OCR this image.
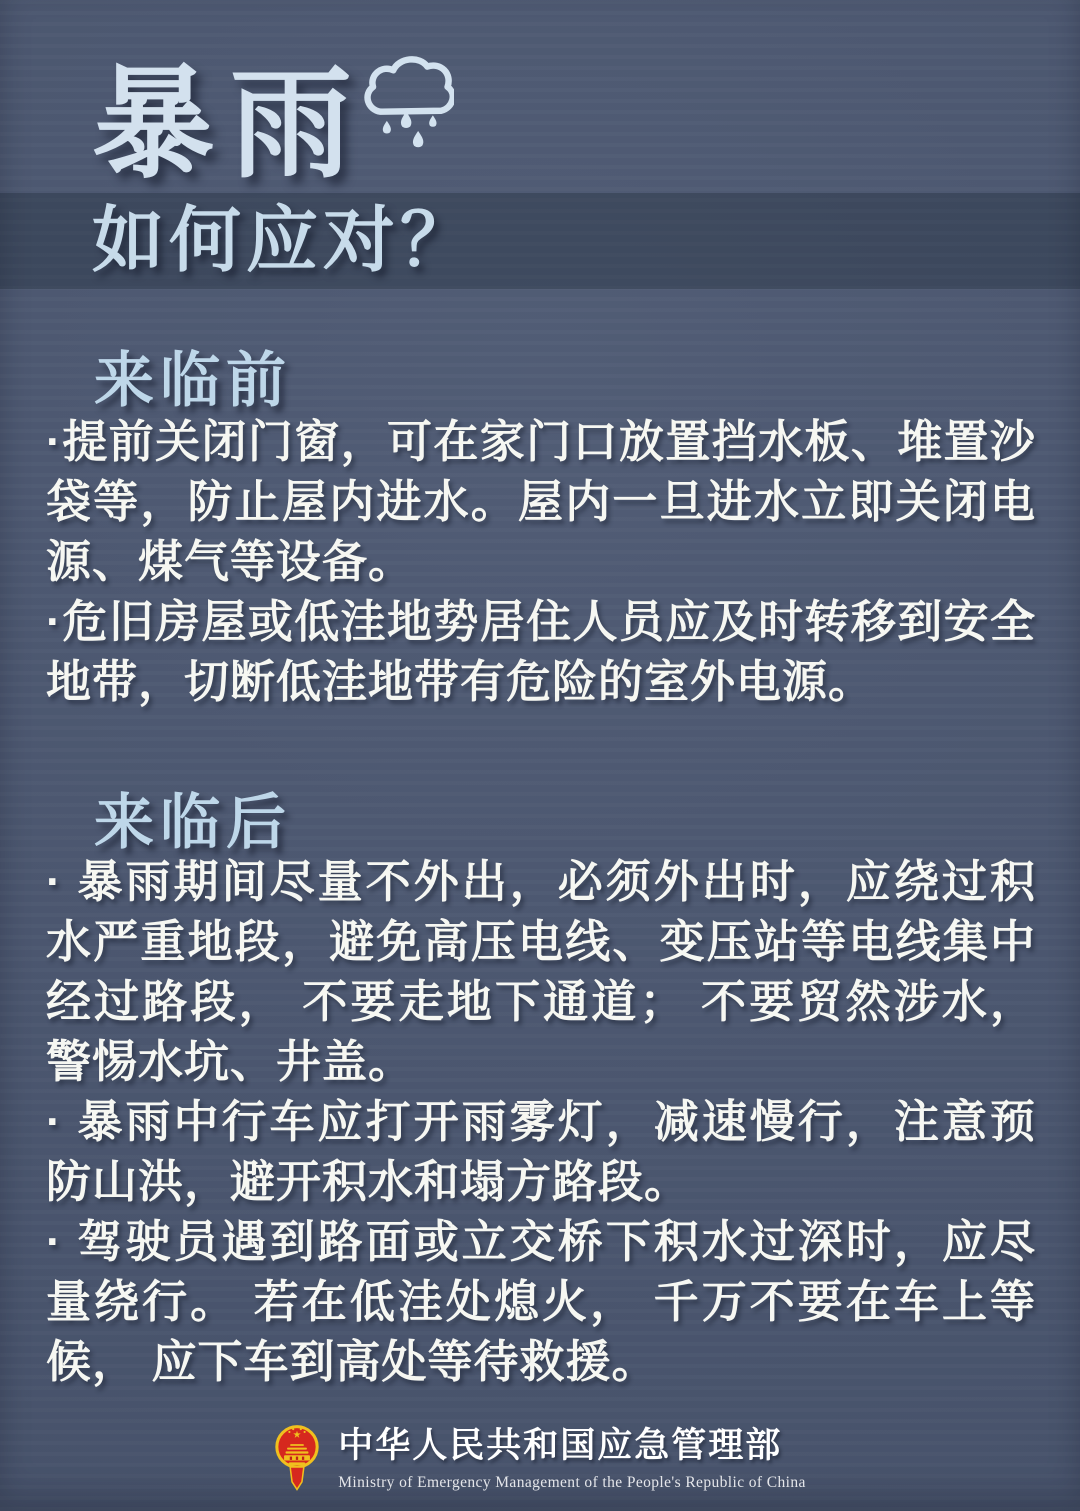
暴雨
如何应对？
来临前

·提前关闭门窗，可在家门口放置挡水板、堆置沙袋等，防止屋内进水。屋内一旦进水立即关闭电源、煤气等设备。

·危旧房屋或低洼地势居住人员应及时转移到安全地带，切断低洼地带有危险的室外电源。

来临后

· 暴雨期间尽量不外出，必须外出时，应绕过积水严重地段，避免高压电线、变压站等电线集中经过路段， 不要走地下通道； 不要贸然涉水，警惕水坑、井盖。

· 暴雨中行车应打开雨雾灯，减速慢行，注意预防山洪，避开积水和塌方路段。

· 驾驶员遇到路面或立交桥下积水过深时，应尽量绕行。 若在低洼处熄火， 千万不要在车上等候， 应下车到高处等待救援。

中华人民共和国应急管理部
Ministry of Emergency Management of the People's Republic of China
